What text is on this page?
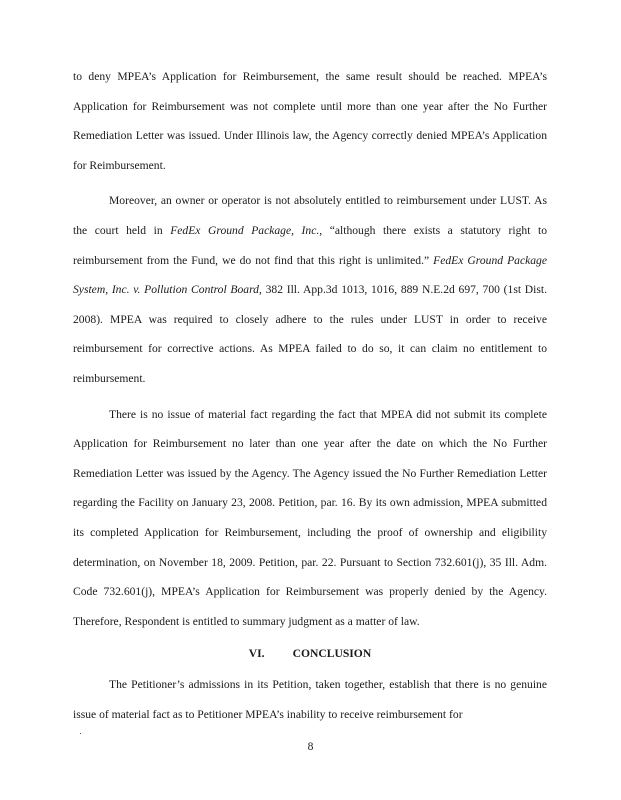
to deny MPEA’s Application for Reimbursement, the same result should be reached. MPEA’s Application for Reimbursement was not complete until more than one year after the No Further Remediation Letter was issued. Under Illinois law, the Agency correctly denied MPEA’s Application for Reimbursement.

Moreover, an owner or operator is not absolutely entitled to reimbursement under LUST. As the court held in FedEx Ground Package, Inc., “although there exists a statutory right to reimbursement from the Fund, we do not find that this right is unlimited.” FedEx Ground Package System, Inc. v. Pollution Control Board, 382 Ill. App.3d 1013, 1016, 889 N.E.2d 697, 700 (1st Dist. 2008). MPEA was required to closely adhere to the rules under LUST in order to receive reimbursement for corrective actions. As MPEA failed to do so, it can claim no entitlement to reimbursement.

There is no issue of material fact regarding the fact that MPEA did not submit its complete Application for Reimbursement no later than one year after the date on which the No Further Remediation Letter was issued by the Agency. The Agency issued the No Further Remediation Letter regarding the Facility on January 23, 2008. Petition, par. 16. By its own admission, MPEA submitted its completed Application for Reimbursement, including the proof of ownership and eligibility determination, on November 18, 2009. Petition, par. 22. Pursuant to Section 732.601(j), 35 Ill. Adm. Code 732.601(j), MPEA’s Application for Reimbursement was properly denied by the Agency. Therefore, Respondent is entitled to summary judgment as a matter of law.

VI. CONCLUSION

The Petitioner’s admissions in its Petition, taken together, establish that there is no genuine issue of material fact as to Petitioner MPEA’s inability to receive reimbursement for

8
